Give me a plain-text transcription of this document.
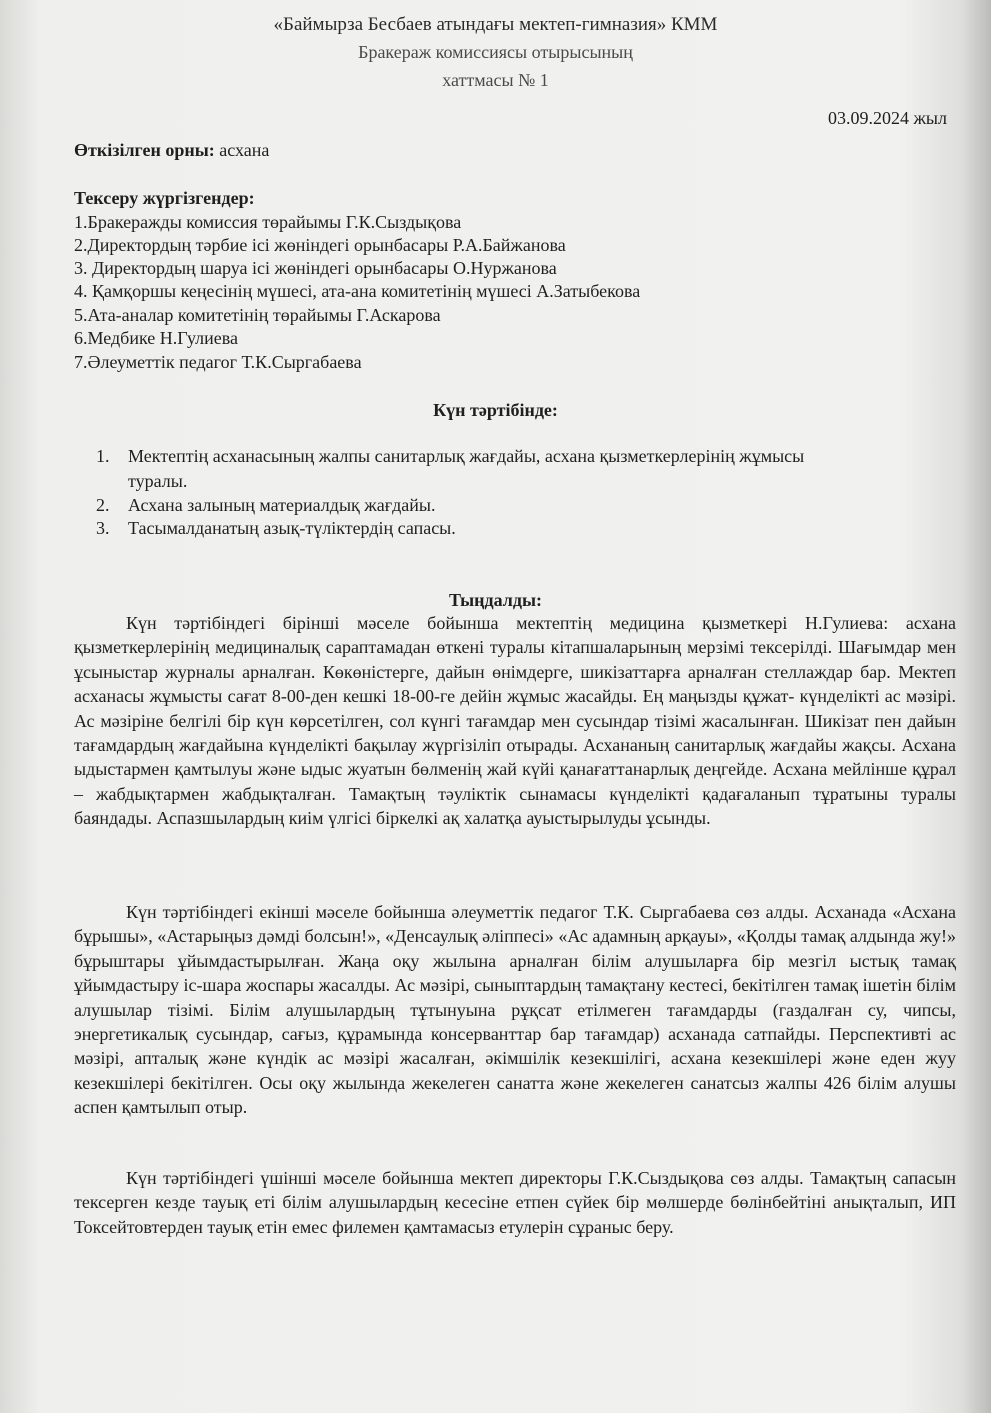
«Баймырза Бесбаев атындағы мектеп-гимназия» КММ
Бракераж комиссиясы отырысының
хаттмасы № 1
03.09.2024 жыл
Өткізілген орны: асхана
Тексеру жүргізгендер:
1.Бракеражды комиссия төрайымы Г.К.Сыздықова
2.Директордың тәрбие ісі жөніндегі орынбасары Р.А.Байжанова
3. Директордың шаруа ісі жөніндегі орынбасары О.Нуржанова
4. Қамқоршы кеңесінің мүшесі, ата-ана комитетінің мүшесі А.Затыбекова
5.Ата-аналар комитетінің төрайымы Г.Аскарова
6.Медбике Н.Гулиева
7.Әлеуметтік педагог Т.К.Сыргабаева
Күн тәртібінде:
1. Мектептің асханасының жалпы санитарлық жағдайы, асхана қызметкерлерінің жұмысы
туралы.
2. Асхана залының материалдық жағдайы.
3. Тасымалданатың азық-түліктердің сапасы.
Тыңдалды:
Күн тәртібіндегі бірінші мәселе бойынша мектептің медицина қызметкері Н.Гулиева: асхана қызметкерлерінің медициналық сараптамадан өткені туралы кітапшаларының мерзімі тексерілді. Шағымдар мен ұсыныстар журналы арналған. Көкөністерге, дайын өнімдерге, шикізаттарға арналған стеллаждар бар. Мектеп асханасы жұмысты сағат 8-00-ден кешкі 18-00-ге дейін жұмыс жасайды. Ең маңызды құжат- күнделікті ас мәзірі. Ас мәзіріне белгілі бір күн көрсетілген, сол күнгі тағамдар мен сусындар тізімі жасалынған. Шикізат пен дайын тағамдардың жағдайына күнделікті бақылау жүргізіліп отырады. Асхананың санитарлық жағдайы жақсы. Асхана ыдыстармен қамтылуы және ыдыс жуатын бөлменің жай күйі қанағаттанарлық деңгейде. Асхана мейлінше құрал – жабдықтармен жабдықталған. Тамақтың тәуліктік сынамасы күнделікті қадағаланып тұратыны туралы баяндады. Аспазшылардың киім үлгісі біркелкі ақ халатқа ауыстырылуды ұсынды.
Күн тәртібіндегі екінші мәселе бойынша әлеуметтік педагог Т.К. Сыргабаева сөз алды. Асханада «Асхана бұрышы», «Астарыңыз дәмді болсын!», «Денсаулық әліппесі» «Ас адамның арқауы», «Қолды тамақ алдында жу!» бұрыштары ұйымдастырылған. Жаңа оқу жылына арналған білім алушыларға бір мезгіл ыстық тамақ ұйымдастыру іс-шара жоспары жасалды. Ас мәзірі, сыныптардың тамақтану кестесі, бекітілген тамақ ішетін білім алушылар тізімі. Білім алушылардың тұтынуына рұқсат етілмеген тағамдарды (газдалған су, чипсы, энергетикалық сусындар, сағыз, құрамында консерванттар бар тағамдар) асханада сатпайды. Перспективті ас мәзірі, апталық және күндік ас мәзірі жасалған, әкімшілік кезекшілігі, асхана кезекшілері және еден жуу кезекшілері бекітілген. Осы оқу жылында жекелеген санатта және жекелеген санатсыз жалпы 426 білім алушы аспен қамтылып отыр.
Күн тәртібіндегі үшінші мәселе бойынша мектеп директоры Г.К.Сыздықова сөз алды. Тамақтың сапасын тексерген кезде тауық еті білім алушылардың кесесіне етпен сүйек бір мөлшерде бөлінбейтіні анықталып, ИП Токсейтовтерден тауық етін емес филемен қамтамасыз етулерін сұраныс беру.
